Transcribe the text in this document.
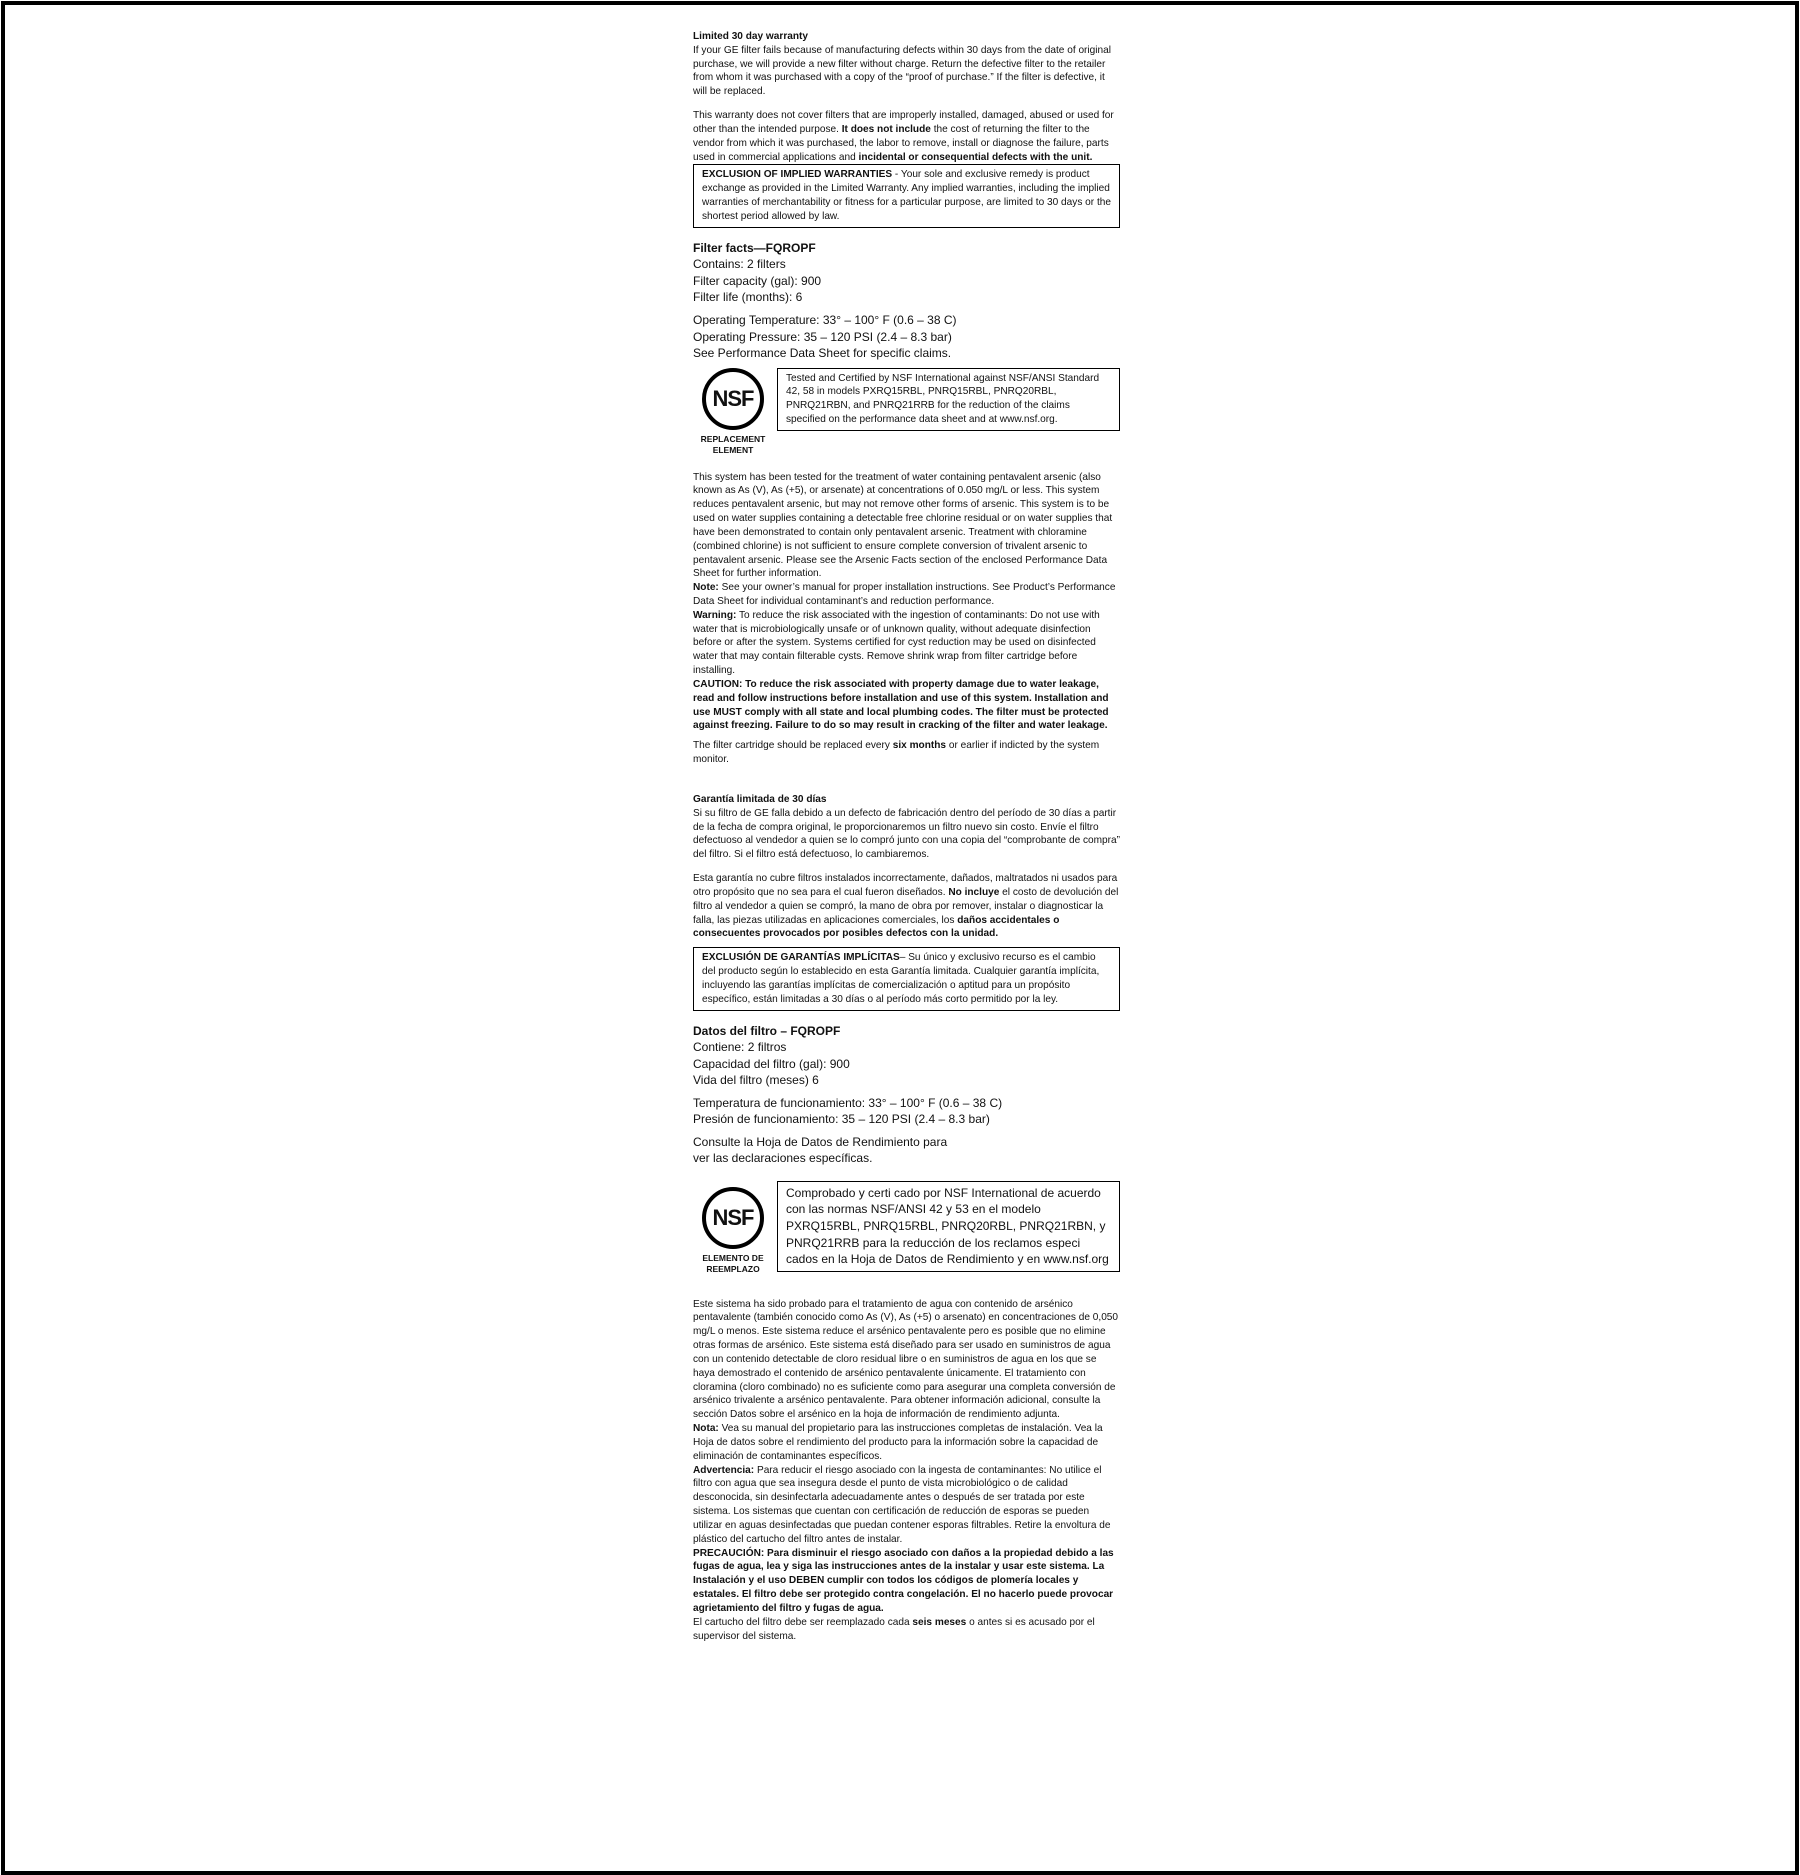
Limited 30 day warranty

If your GE filter fails because of manufacturing defects within 30 days from the date of original purchase, we will provide a new filter without charge. Return the defective filter to the retailer from whom it was purchased with a copy of the “proof of purchase.” If the filter is defective, it will be replaced.

This warranty does not cover filters that are improperly installed, damaged, abused or used for other than the intended purpose. It does not include the cost of returning the filter to the vendor from which it was purchased, the labor to remove, install or diagnose the failure, parts used in commercial applications and incidental or consequential defects with the unit.

EXCLUSION OF IMPLIED WARRANTIES - Your sole and exclusive remedy is product exchange as provided in the Limited Warranty. Any implied warranties, including the implied warranties of merchantability or fitness for a particular purpose, are limited to 30 days or the shortest period allowed by law.

Filter facts—FQROPF

Contains: 2 filters

Filter capacity (gal): 900

Filter life (months): 6

Operating Temperature: 33° – 100° F (0.6 – 38 C)

Operating Pressure: 35 – 120 PSI (2.4 – 8.3 bar)

See Performance Data Sheet for specific claims.

NSF
REPLACEMENT
ELEMENT

Tested and Certified by NSF International against NSF/ANSI Standard 42, 58 in models PXRQ15RBL, PNRQ15RBL, PNRQ20RBL, PNRQ21RBN, and PNRQ21RRB for the reduction of the claims specified on the performance data sheet and at www.nsf.org.

This system has been tested for the treatment of water containing pentavalent arsenic (also known as As (V), As (+5), or arsenate) at concentrations of 0.050 mg/L or less. This system reduces pentavalent arsenic, but may not remove other forms of arsenic. This system is to be used on water supplies containing a detectable free chlorine residual or on water supplies that have been demonstrated to contain only pentavalent arsenic. Treatment with chloramine (combined chlorine) is not sufficient to ensure complete conversion of trivalent arsenic to pentavalent arsenic. Please see the Arsenic Facts section of the enclosed Performance Data Sheet for further information.

Note: See your owner’s manual for proper installation instructions. See Product’s Performance Data Sheet for individual contaminant’s and reduction performance.

Warning: To reduce the risk associated with the ingestion of contaminants: Do not use with water that is microbiologically unsafe or of unknown quality, without adequate disinfection before or after the system. Systems certified for cyst reduction may be used on disinfected water that may contain filterable cysts. Remove shrink wrap from filter cartridge before installing.

CAUTION: To reduce the risk associated with property damage due to water leakage, read and follow instructions before installation and use of this system. Installation and use MUST comply with all state and local plumbing codes. The filter must be protected against freezing. Failure to do so may result in cracking of the filter and water leakage.

The filter cartridge should be replaced every six months or earlier if indicted by the system monitor.

Garantía limitada de 30 días

Si su filtro de GE falla debido a un defecto de fabricación dentro del período de 30 días a partir de la fecha de compra original, le proporcionaremos un filtro nuevo sin costo. Envíe el filtro defectuoso al vendedor a quien se lo compró junto con una copia del “comprobante de compra” del filtro. Si el filtro está defectuoso, lo cambiaremos.

Esta garantía no cubre filtros instalados incorrectamente, dañados, maltratados ni usados para otro propósito que no sea para el cual fueron diseñados. No incluye el costo de devolución del filtro al vendedor a quien se compró, la mano de obra por remover, instalar o diagnosticar la falla, las piezas utilizadas en aplicaciones comerciales, los daños accidentales o consecuentes provocados por posibles defectos con la unidad.

EXCLUSIÓN DE GARANTÍAS IMPLÍCITAS– Su único y exclusivo recurso es el cambio del producto según lo establecido en esta Garantía limitada. Cualquier garantía implícita, incluyendo las garantías implícitas de comercialización o aptitud para un propósito específico, están limitadas a 30 días o al período más corto permitido por la ley.

Datos del filtro – FQROPF

Contiene: 2 filtros

Capacidad del filtro (gal): 900

Vida del filtro (meses) 6

Temperatura de funcionamiento: 33° – 100° F (0.6 – 38 C)

Presión de funcionamiento: 35 – 120 PSI (2.4 – 8.3 bar)

Consulte la Hoja de Datos de Rendimiento para ver las declaraciones específicas.

NSF
ELEMENTO DE
REEMPLAZO

Comprobado y certi cado por NSF International de acuerdo con las normas NSF/ANSI 42 y 53 en el modelo PXRQ15RBL, PNRQ15RBL, PNRQ20RBL, PNRQ21RBN, y PNRQ21RRB para la reducción de los reclamos especi cados en la Hoja de Datos de Rendimiento y en www.nsf.org

Este sistema ha sido probado para el tratamiento de agua con contenido de arsénico pentavalente (también conocido como As (V), As (+5) o arsenato) en concentraciones de 0,050 mg/L o menos. Este sistema reduce el arsénico pentavalente pero es posible que no elimine otras formas de arsénico. Este sistema está diseñado para ser usado en suministros de agua con un contenido detectable de cloro residual libre o en suministros de agua en los que se haya demostrado el contenido de arsénico pentavalente únicamente. El tratamiento con cloramina (cloro combinado) no es suficiente como para asegurar una completa conversión de arsénico trivalente a arsénico pentavalente. Para obtener información adicional, consulte la sección Datos sobre el arsénico en la hoja de información de rendimiento adjunta.

Nota: Vea su manual del propietario para las instrucciones completas de instalación. Vea la Hoja de datos sobre el rendimiento del producto para la información sobre la capacidad de eliminación de contaminantes específicos.

Advertencia: Para reducir el riesgo asociado con la ingesta de contaminantes: No utilice el filtro con agua que sea insegura desde el punto de vista microbiológico o de calidad desconocida, sin desinfectarla adecuadamente antes o después de ser tratada por este sistema. Los sistemas que cuentan con certificación de reducción de esporas se pueden utilizar en aguas desinfectadas que puedan contener esporas filtrables. Retire la envoltura de plástico del cartucho del filtro antes de instalar.

PRECAUCIÓN: Para disminuir el riesgo asociado con daños a la propiedad debido a las fugas de agua, lea y siga las instrucciones antes de la instalar y usar este sistema. La Instalación y el uso DEBEN cumplir con todos los códigos de plomería locales y estatales. El filtro debe ser protegido contra congelación. El no hacerlo puede provocar agrietamiento del filtro y fugas de agua.

El cartucho del filtro debe ser reemplazado cada seis meses o antes si es acusado por el supervisor del sistema.
